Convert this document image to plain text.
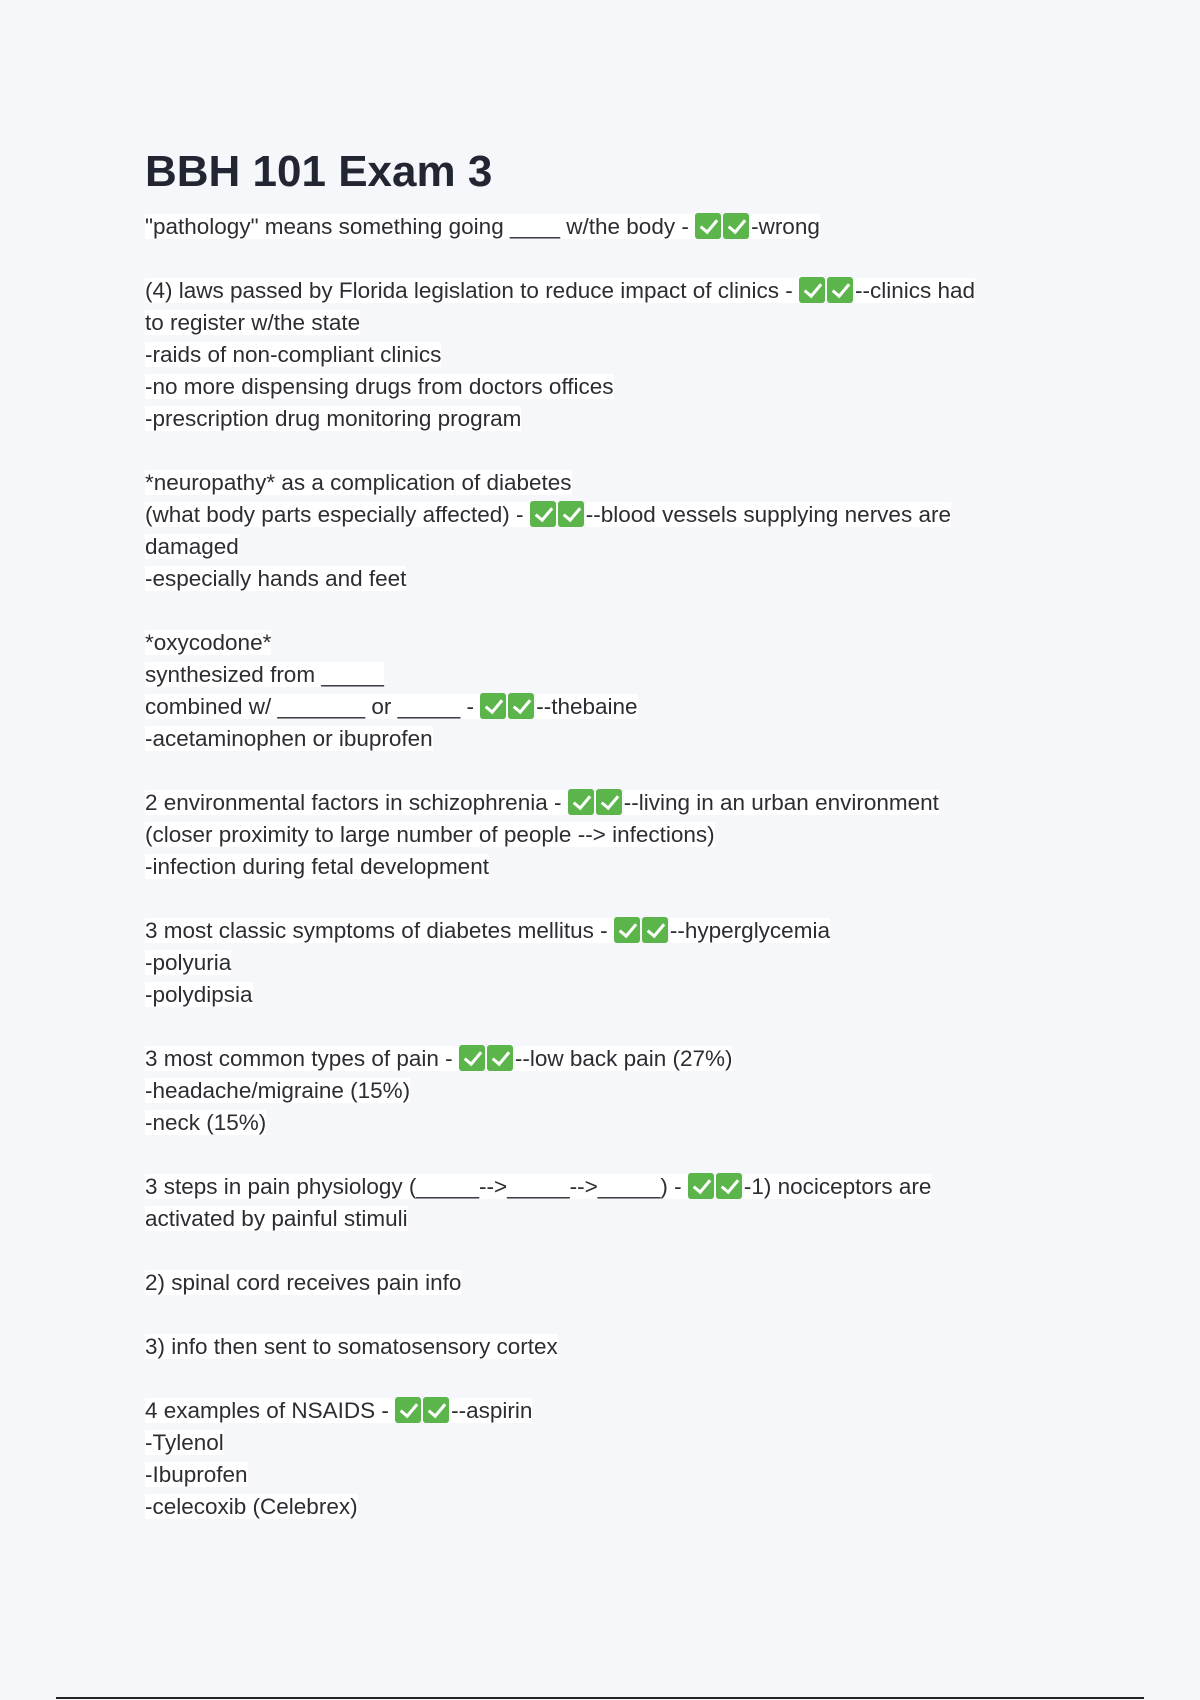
BBH 101 Exam 3
"pathology" means something going ____ w/the body - -wrong
(4) laws passed by Florida legislation to reduce impact of clinics - --clinics had
to register w/the state
-raids of non-compliant clinics
-no more dispensing drugs from doctors offices
-prescription drug monitoring program
*neuropathy* as a complication of diabetes
(what body parts especially affected) - --blood vessels supplying nerves are
damaged
-especially hands and feet
*oxycodone*
synthesized from _____
combined w/ _______ or _____ - --thebaine
-acetaminophen or ibuprofen
2 environmental factors in schizophrenia - --living in an urban environment
(closer proximity to large number of people --> infections)
-infection during fetal development
3 most classic symptoms of diabetes mellitus - --hyperglycemia
-polyuria
-polydipsia
3 most common types of pain - --low back pain (27%)
-headache/migraine (15%)
-neck (15%)
3 steps in pain physiology (_____-->_____-->_____) - -1) nociceptors are
activated by painful stimuli
2) spinal cord receives pain info
3) info then sent to somatosensory cortex
4 examples of NSAIDS - --aspirin
-Tylenol
-Ibuprofen
-celecoxib (Celebrex)
